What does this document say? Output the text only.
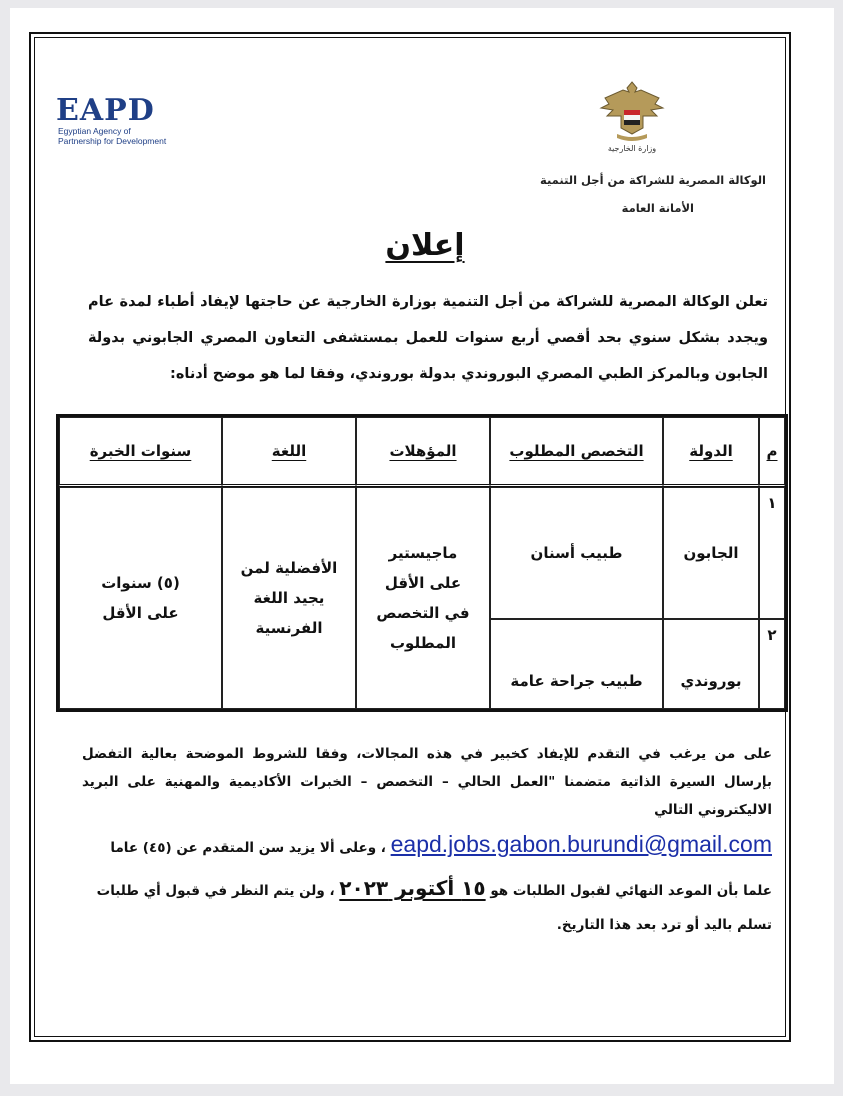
EAPD
Egyptian Agency of
Partnership for Development
وزارة الخارجية
الوكالة المصرية للشراكة من أجل التنمية
الأمانة العامة
إعلان
تعلن الوكالة المصرية للشراكة من أجل التنمية بوزارة الخارجية عن حاجتها لإيفاد أطباء لمدة عام ويجدد بشكل سنوي بحد أقصي أربع سنوات للعمل بمستشفى التعاون المصري الجابوني بدولة الجابون وبالمركز الطبي المصري البوروندي بدولة بوروندي، وفقا لما هو موضح أدناه:
م	الدولة	التخصص المطلوب	المؤهلات	اللغة	سنوات الخبرة
١	الجابون	طبيب أسنان	ماجيستير على الأقل في التخصص المطلوب	الأفضلية لمن يجيد اللغة الفرنسية	(٥) سنوات على الأقل

٢	بوروندي	طبيب جراحة عامة			

على من يرغب في التقدم للإيفاد كخبير في هذه المجالات، وفقا للشروط الموضحة بعالية التفضل بإرسال السيرة الذاتية متضمنا "العمل الحالي – التخصص – الخبرات الأكاديمية والمهنية على البريد الاليكتروني التالي

eapd.jobs.gabon.burundi@gmail.com ، وعلى ألا يزيد سن المتقدم عن (٤٥) عاما

علما بأن الموعد النهائي لقبول الطلبات هو ١٥ أكتوبر ٢٠٢٣ ، ولن يتم النظر في قبول أي طلبات

تسلم باليد أو ترد بعد هذا التاريخ.
